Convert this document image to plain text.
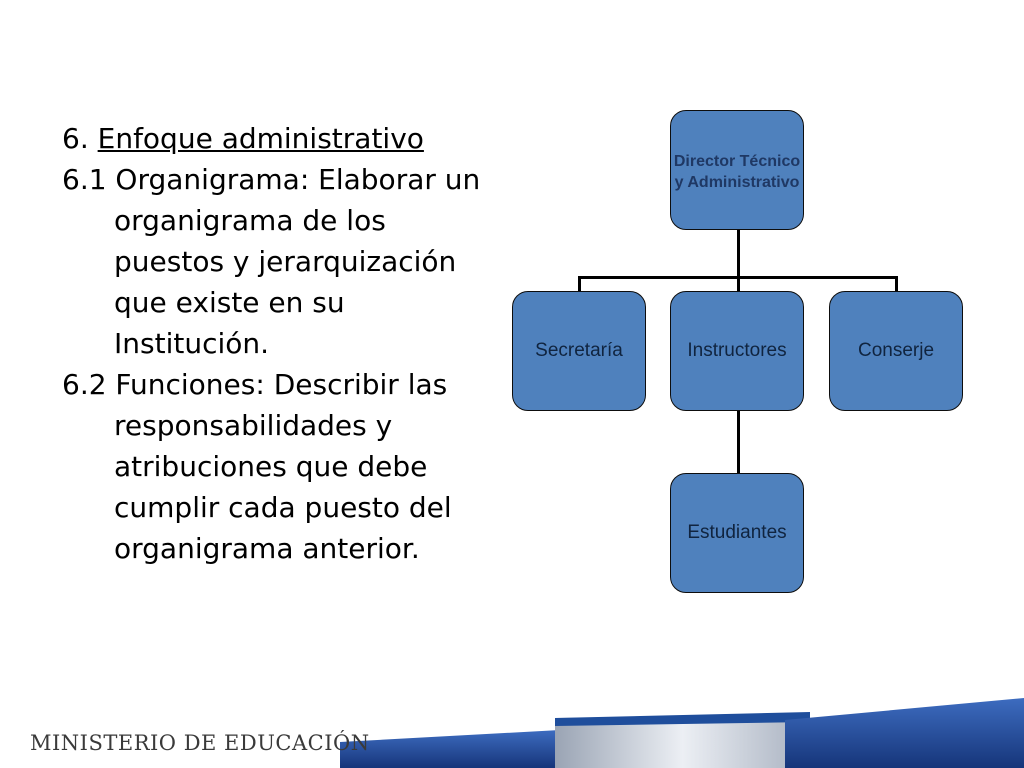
6. Enfoque administrativo

6.1 Organigrama: Elaborar un organigrama de los puestos y jerarquización que existe en su Institución.

6.2 Funciones: Describir las responsabilidades y atribuciones que debe cumplir cada puesto del organigrama anterior.

Director Técnico y Administrativo
Secretaría	Instructores	Conserje
Estudiantes
MINISTERIO DE EDUCACIÓN
